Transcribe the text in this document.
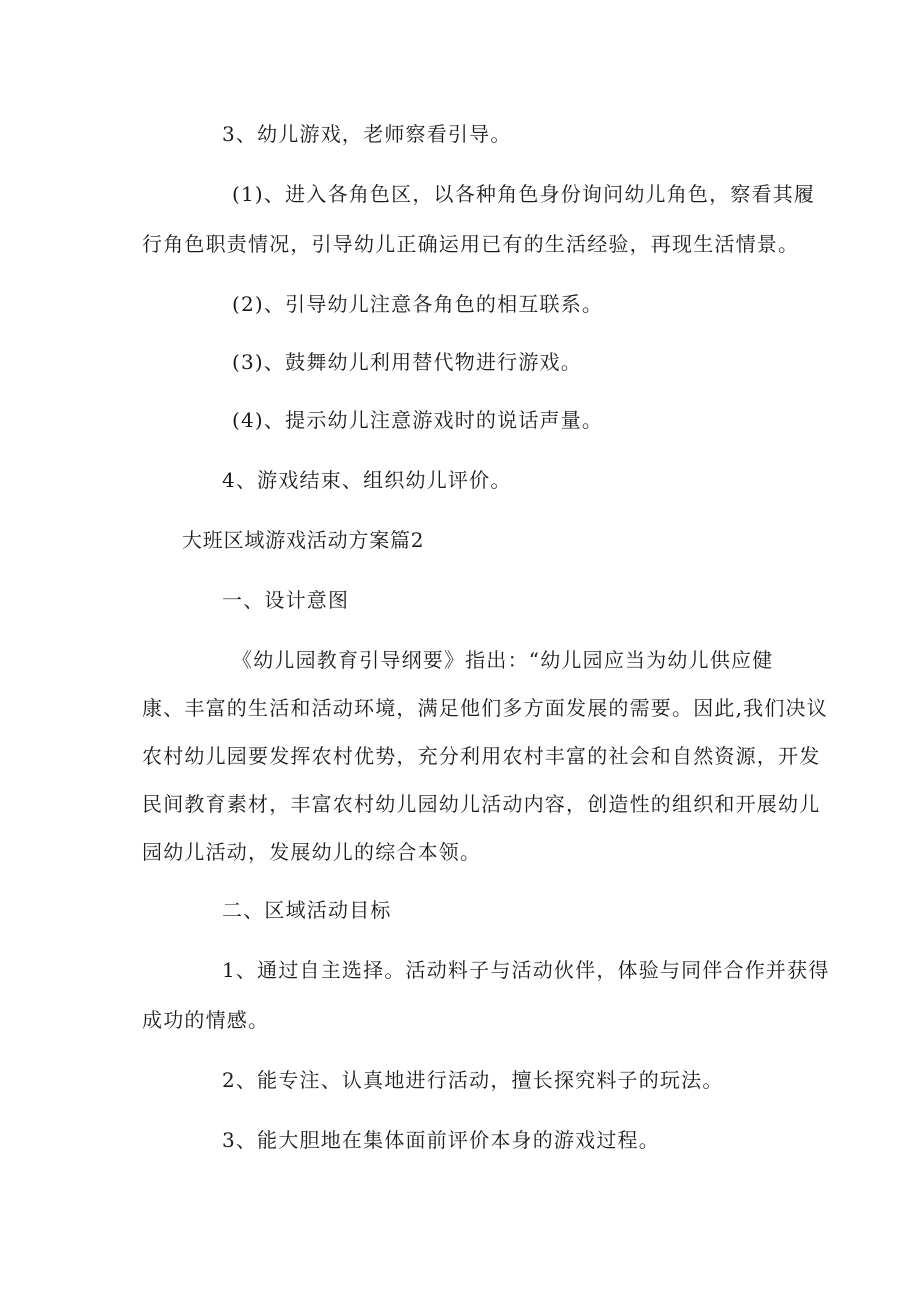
3、幼儿游戏，老师察看引导。
(1)、进入各角色区，以各种角色身份询问幼儿角色，察看其履
行角色职责情况，引导幼儿正确运用已有的生活经验，再现生活情景。
(2)、引导幼儿注意各角色的相互联系。
(3)、鼓舞幼儿利用替代物进行游戏。
(4)、提示幼儿注意游戏时的说话声量。
4、游戏结束、组织幼儿评价。
大班区域游戏活动方案篇2
一、设计意图
《幼儿园教育引导纲要》指出：“幼儿园应当为幼儿供应健
康、丰富的生活和活动环境，满足他们多方面发展的需要。因此,我们决议
农村幼儿园要发挥农村优势，充分利用农村丰富的社会和自然资源，开发
民间教育素材，丰富农村幼儿园幼儿活动内容，创造性的组织和开展幼儿
园幼儿活动，发展幼儿的综合本领。
二、区域活动目标
1、通过自主选择。活动料子与活动伙伴，体验与同伴合作并获得
成功的情感。
2、能专注、认真地进行活动，擅长探究料子的玩法。
3、能大胆地在集体面前评价本身的游戏过程。
